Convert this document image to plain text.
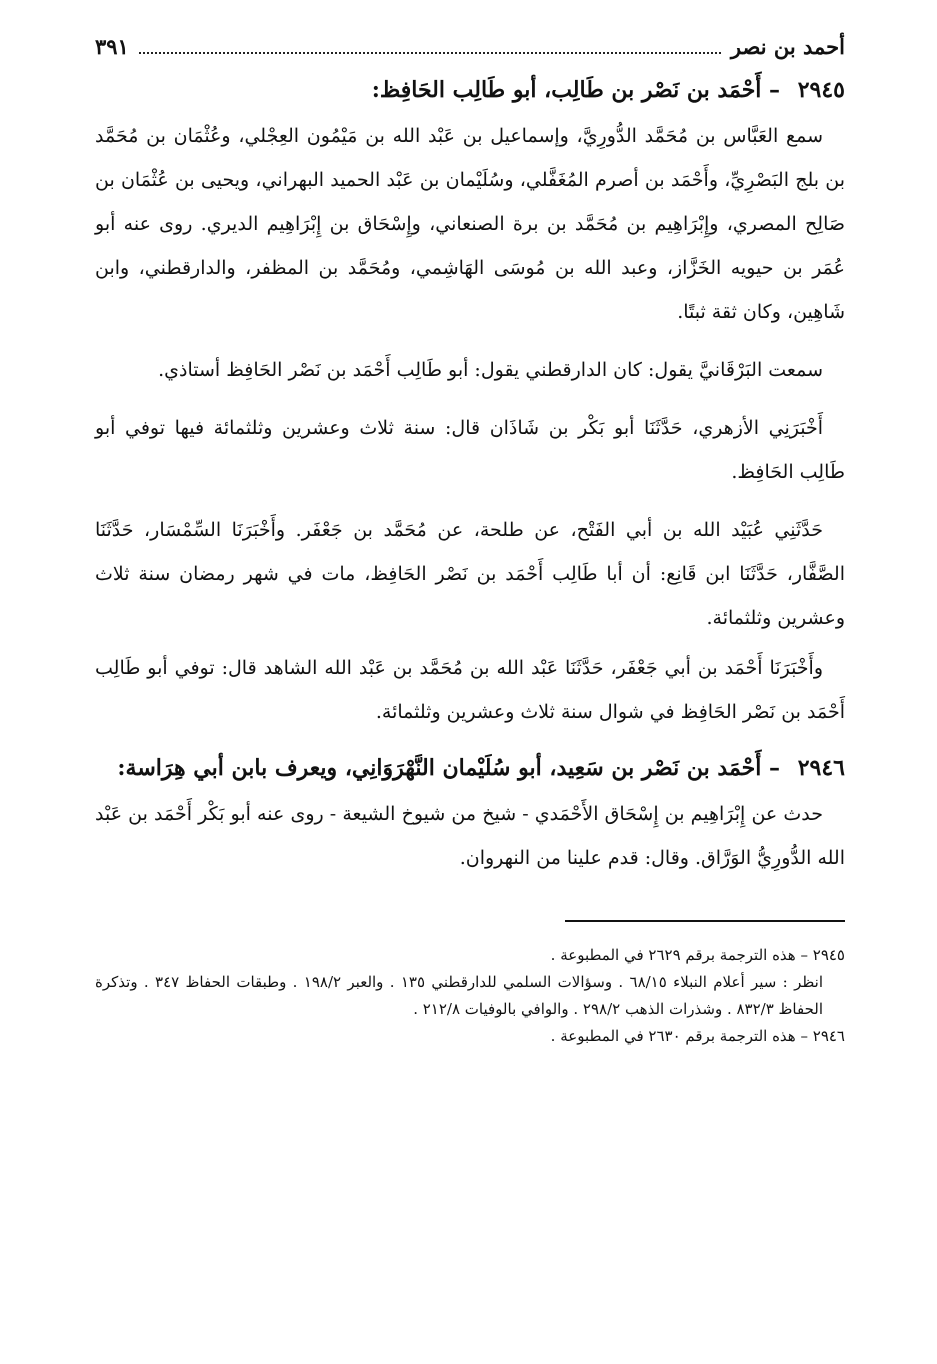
أحمد بن نصر
٣٩١
٢٩٤٥ – أَحْمَد بن نَصْر بن طَالِب، أبو طَالِب الحَافِظ:

سمع العَبَّاس بن مُحَمَّد الدُّورِيَّ، وإسماعيل بن عَبْد الله بن مَيْمُون العِجْلي، وعُثْمَان بن مُحَمَّد بن بلج البَصْرِيِّ، وأَحْمَد بن أصرم المُغَفَّلي، وسُلَيْمان بن عَبْد الحميد البهراني، ويحيى بن عُثْمَان بن صَالِح المصري، وإِبْرَاهِيم بن مُحَمَّد بن برة الصنعاني، وإِسْحَاق بن إِبْرَاهِيم الديري. روى عنه أبو عُمَر بن حيويه الخَزَّاز، وعبد الله بن مُوسَى الهَاشِمي، ومُحَمَّد بن المظفر، والدارقطني، وابن شَاهِين، وكان ثقة ثبتًا.

سمعت البَرْقَانيَّ يقول: كان الدارقطني يقول: أبو طَالِب أَحْمَد بن نَصْر الحَافِظ أستاذي.

أَخْبَرَنِي الأزهري، حَدَّثَنَا أبو بَكْر بن شَاذَان قال: سنة ثلاث وعشرين وثلثمائة فيها توفي أبو طَالِب الحَافِظ.

حَدَّثَنِي عُبَيْد الله بن أبي الفَتْح، عن طلحة، عن مُحَمَّد بن جَعْفَر. وأَخْبَرَنَا السِّمْسَار، حَدَّثَنَا الصَّفَّار، حَدَّثَنَا ابن قَانِع: أن أبا طَالِب أَحْمَد بن نَصْر الحَافِظ، مات في شهر رمضان سنة ثلاث وعشرين وثلثمائة.

وأَخْبَرَنَا أَحْمَد بن أبي جَعْفَر، حَدَّثَنَا عَبْد الله بن مُحَمَّد بن عَبْد الله الشاهد قال: توفي أبو طَالِب أَحْمَد بن نَصْر الحَافِظ في شوال سنة ثلاث وعشرين وثلثمائة.

٢٩٤٦ – أَحْمَد بن نَصْر بن سَعِيد، أبو سُلَيْمان النَّهْرَوَانِي، ويعرف بابن أبي هِرَاسة:

حدث عن إِبْرَاهِيم بن إِسْحَاق الأَحْمَدي - شيخ من شيوخ الشيعة - روى عنه أبو بَكْر أَحْمَد بن عَبْد الله الدُّورِيُّ الوَرَّاق. وقال: قدم علينا من النهروان.

٢٩٤٥ – هذه الترجمة برقم ٢٦٢٩ في المطبوعة .

انظر : سير أعلام النبلاء ٦٨/١٥ . وسؤالات السلمي للدارقطني ١٣٥ . والعبر ١٩٨/٢ . وطبقات الحفاظ ٣٤٧ . وتذكرة الحفاظ ٨٣٢/٣ . وشذرات الذهب ٢٩٨/٢ . والوافي بالوفيات ٢١٢/٨ .

٢٩٤٦ – هذه الترجمة برقم ٢٦٣٠ في المطبوعة .
